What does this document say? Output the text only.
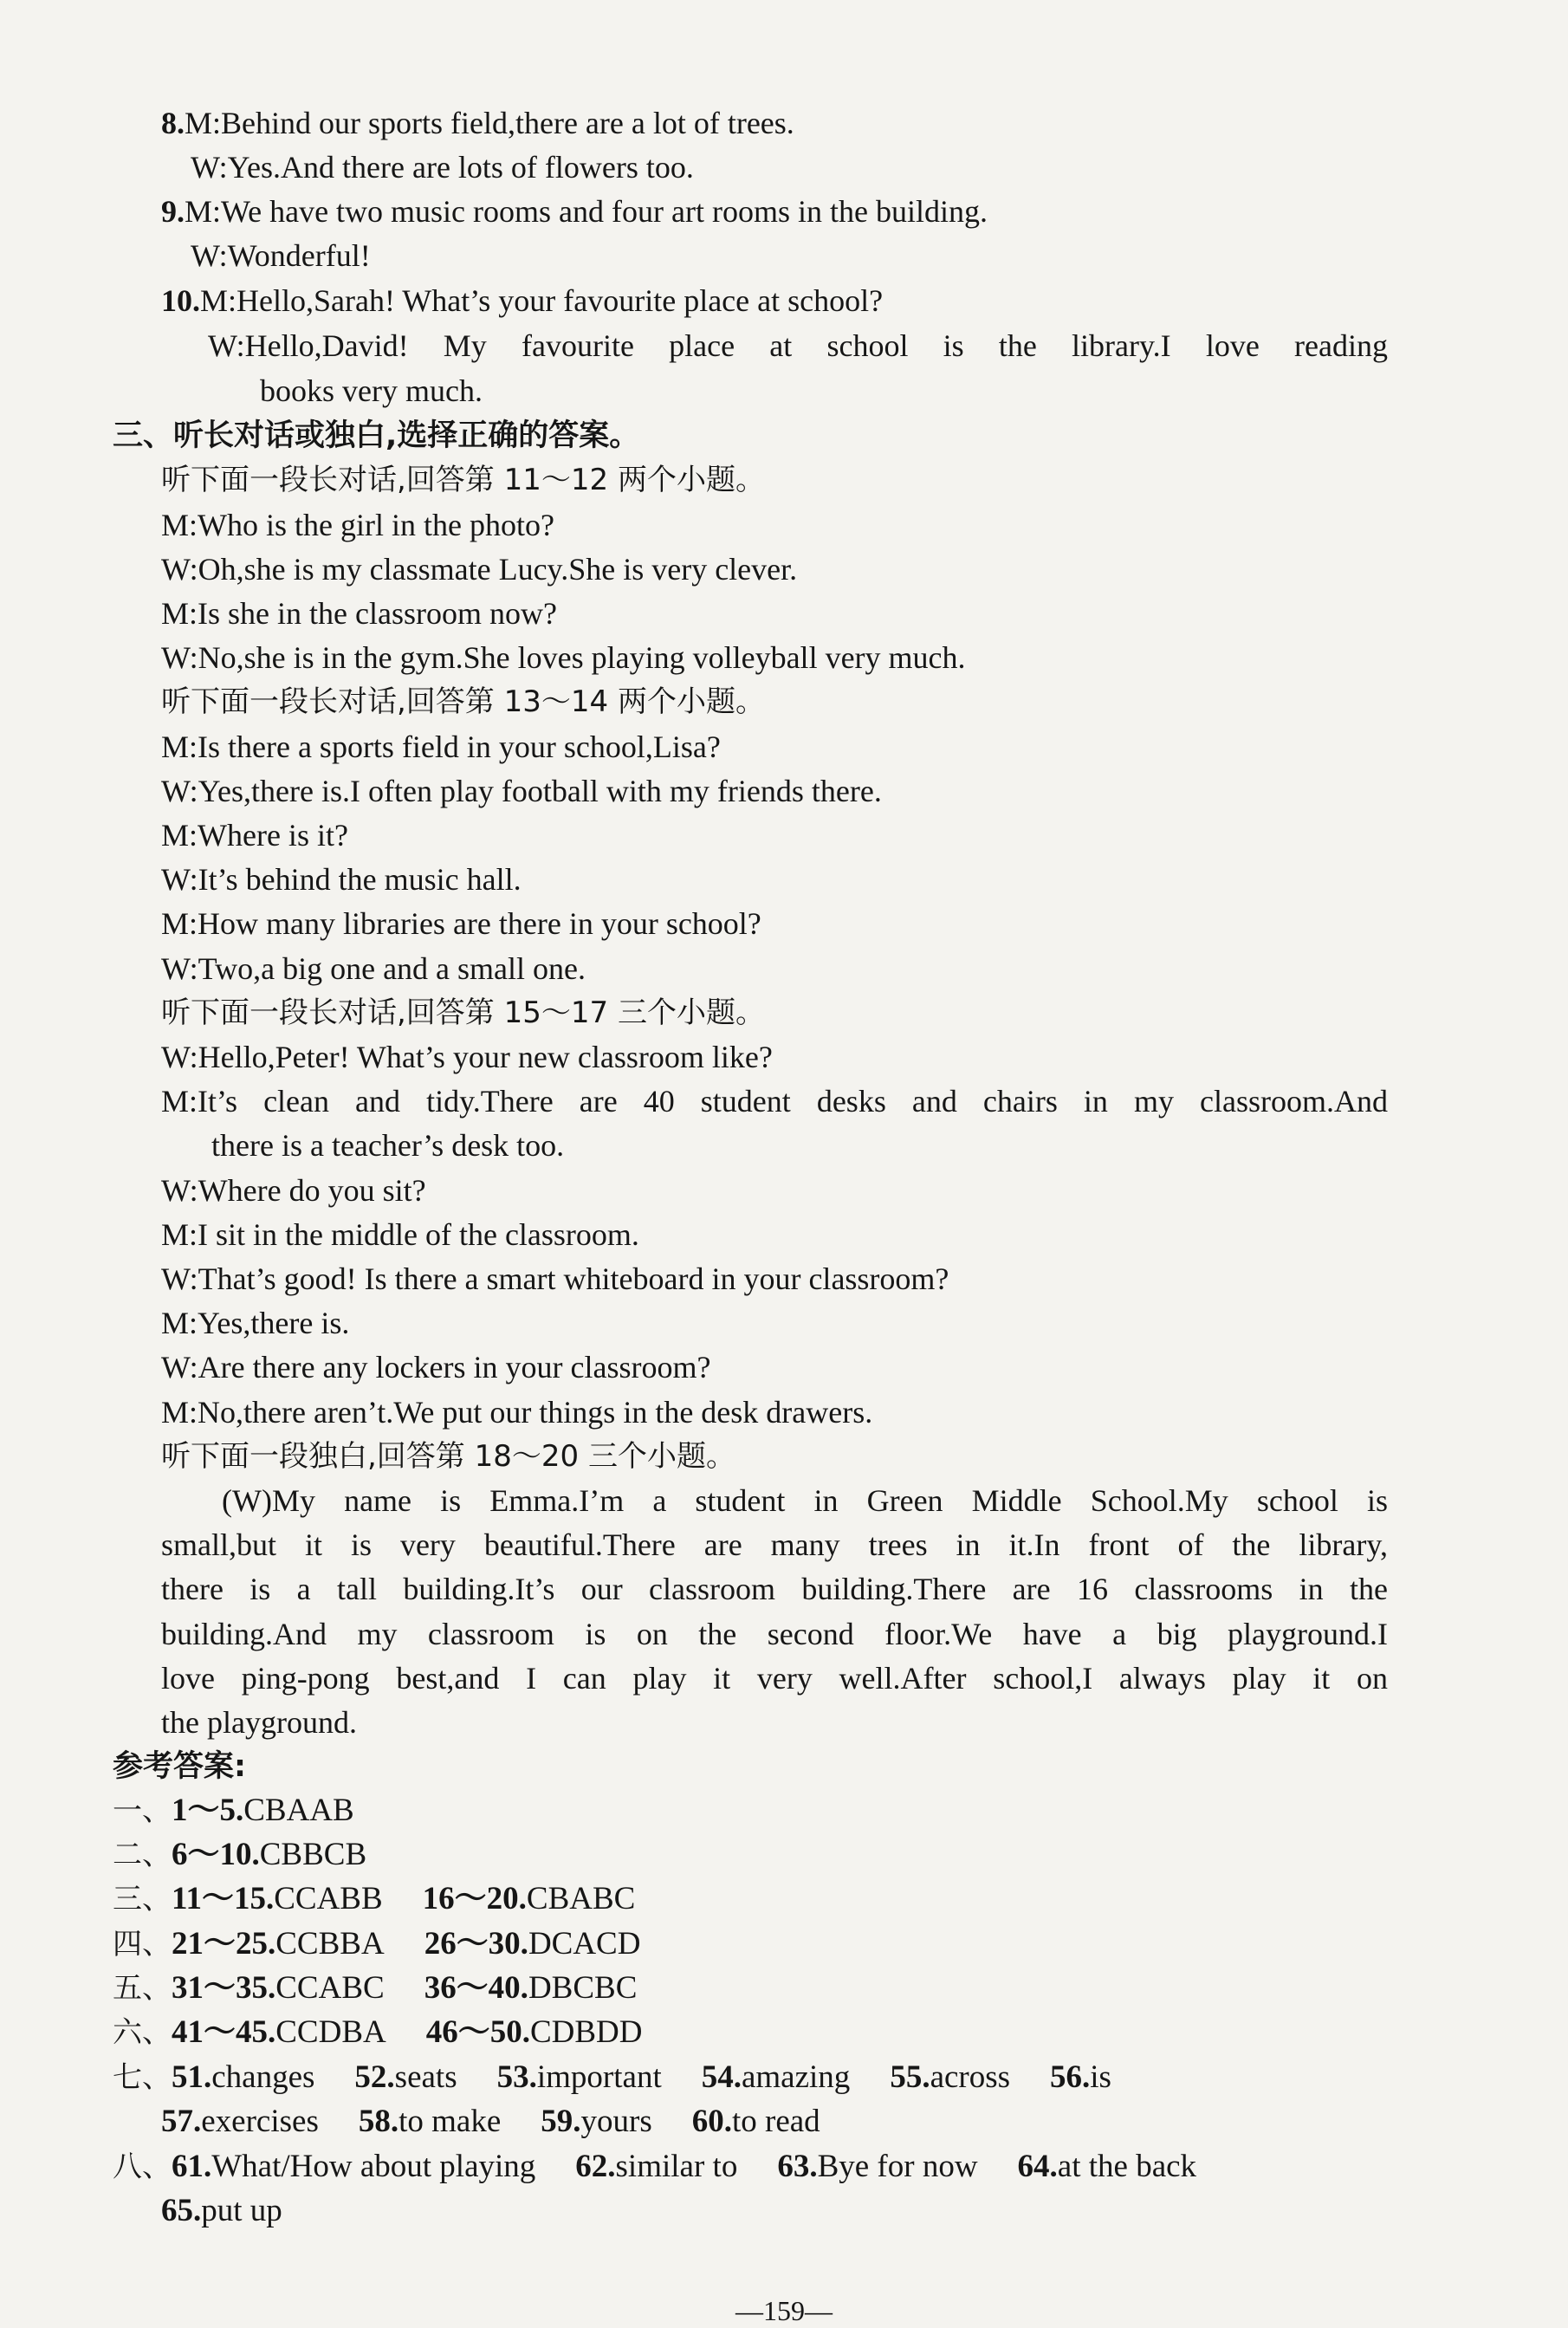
8.M:Behind our sports field,there are a lot of trees.
W:Yes.And there are lots of flowers too.
9.M:We have two music rooms and four art rooms in the building.
W:Wonderful!
10.M:Hello,Sarah! What’s your favourite place at school?
W:Hello,David! My favourite place at school is the library.I love reading
books very much.
三、听长对话或独白,选择正确的答案。
听下面一段长对话,回答第 11～12 两个小题。
M:Who is the girl in the photo?
W:Oh,she is my classmate Lucy.She is very clever.
M:Is she in the classroom now?
W:No,she is in the gym.She loves playing volleyball very much.
听下面一段长对话,回答第 13～14 两个小题。
M:Is there a sports field in your school,Lisa?
W:Yes,there is.I often play football with my friends there.
M:Where is it?
W:It’s behind the music hall.
M:How many libraries are there in your school?
W:Two,a big one and a small one.
听下面一段长对话,回答第 15～17 三个小题。
W:Hello,Peter! What’s your new classroom like?
M:It’s clean and tidy.There are 40 student desks and chairs in my classroom.And
there is a teacher’s desk too.
W:Where do you sit?
M:I sit in the middle of the classroom.
W:That’s good! Is there a smart whiteboard in your classroom?
M:Yes,there is.
W:Are there any lockers in your classroom?
M:No,there aren’t.We put our things in the desk drawers.
听下面一段独白,回答第 18～20 三个小题。
(W)My name is Emma.I’m a student in Green Middle School.My school is
small,but it is very beautiful.There are many trees in it.In front of the library,
there is a tall building.It’s our classroom building.There are 16 classrooms in the
building.And my classroom is on the second floor.We have a big playground.I
love ping-pong best,and I can play it very well.After school,I always play it on
the playground.
参考答案:
一、1～5.CBAAB
二、6～10.CBBCB
三、11～15.CCABB 16～20.CBABC
四、21～25.CCBBA 26～30.DCACD
五、31～35.CCABC 36～40.DBCBC
六、41～45.CCDBA 46～50.CDBDD
七、51.changes 52.seats 53.important 54.amazing 55.across 56.is
57.exercises 58.to make 59.yours 60.to read
八、61.What/How about playing 62.similar to 63.Bye for now 64.at the back
65.put up
—159—
